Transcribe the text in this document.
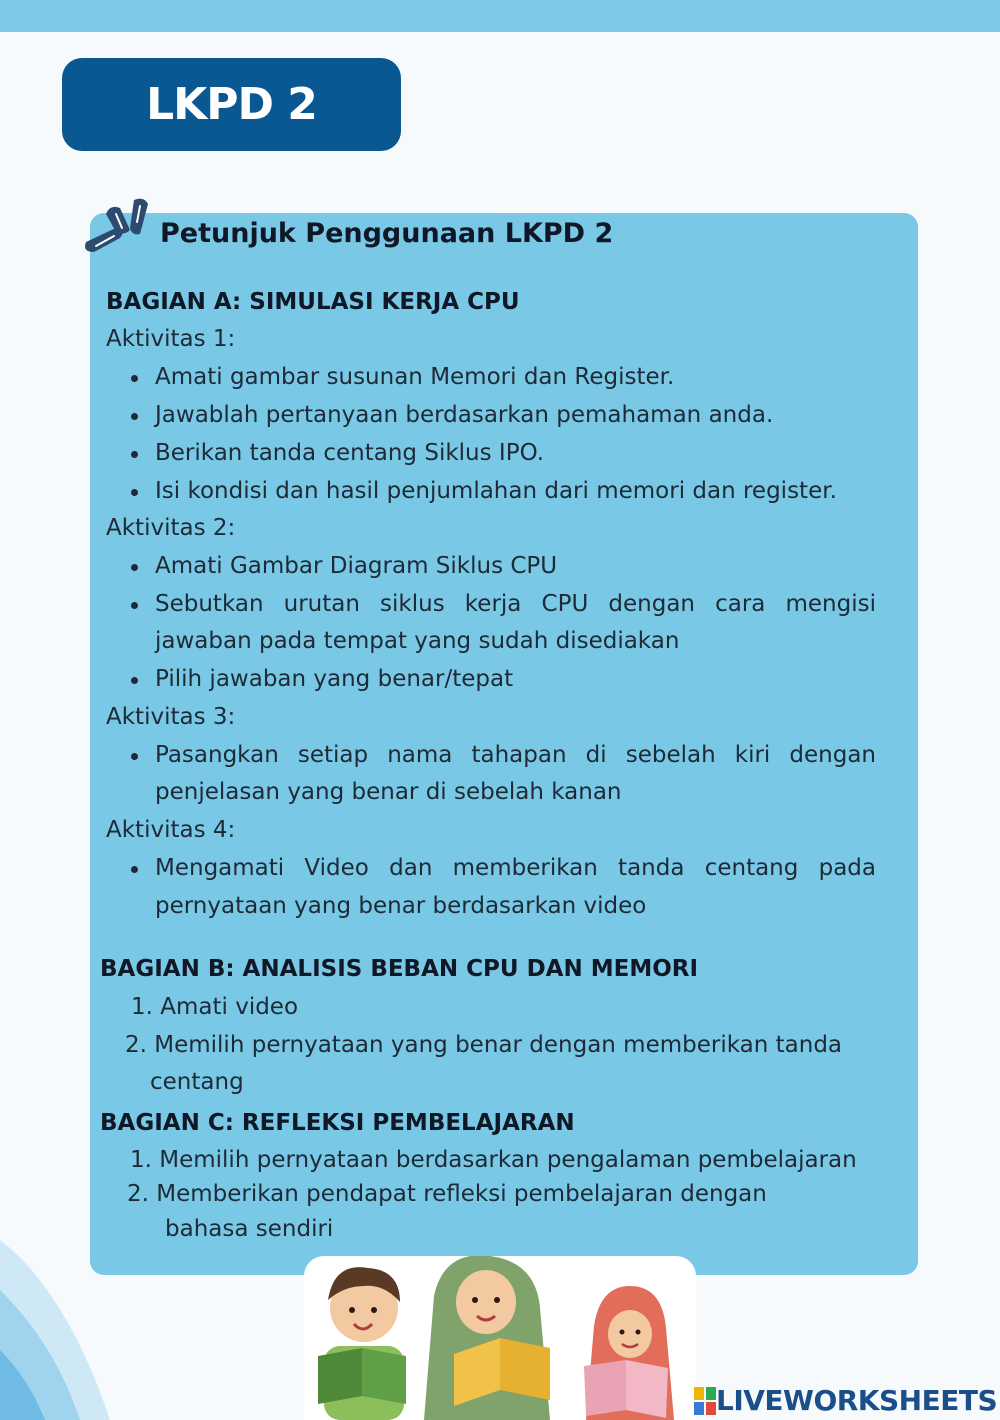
LKPD 2
Petunjuk Penggunaan LKPD 2
BAGIAN A: SIMULASI KERJA CPU
Aktivitas 1:
Amati gambar susunan Memori dan Register.
Jawablah pertanyaan berdasarkan pemahaman anda.
Berikan tanda centang Siklus IPO.
Isi kondisi dan hasil penjumlahan dari memori dan register.
Aktivitas 2:
Amati Gambar Diagram Siklus CPU
Sebutkan urutan siklus kerja CPU dengan cara mengisi
jawaban pada tempat yang sudah disediakan
Pilih jawaban yang benar/tepat
Aktivitas 3:
Pasangkan setiap nama tahapan di sebelah kiri dengan
penjelasan yang benar di sebelah kanan
Aktivitas 4:
Mengamati Video dan memberikan tanda centang pada
pernyataan yang benar berdasarkan video
BAGIAN B: ANALISIS BEBAN CPU DAN MEMORI
1. Amati video
2. Memilih pernyataan yang benar dengan memberikan tanda
centang
BAGIAN C: REFLEKSI PEMBELAJARAN
1. Memilih pernyataan berdasarkan pengalaman pembelajaran
2. Memberikan pendapat refleksi pembelajaran dengan
bahasa sendiri
LIVEWORKSHEETS
